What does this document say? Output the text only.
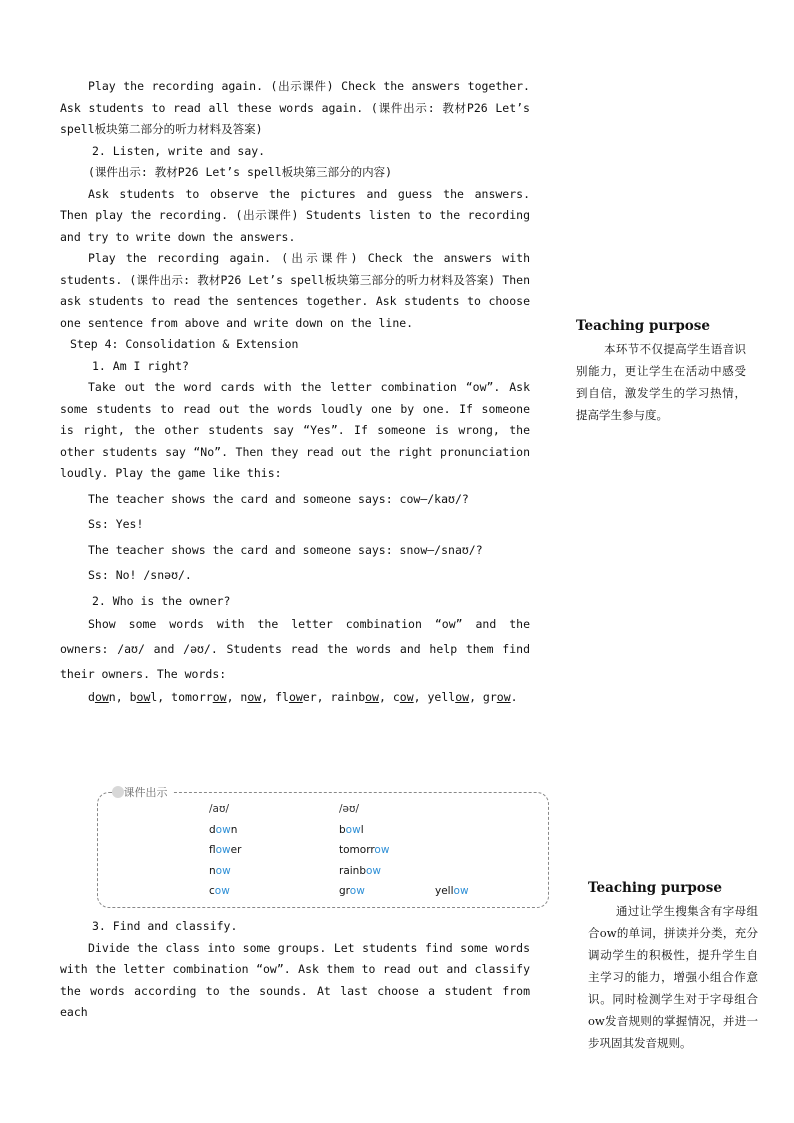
Play the recording again. (出示课件) Check the answers together. Ask students to read all these words again. (课件出示: 教材P26 Let’s spell板块第二部分的听力材料及答案)

2. Listen, write and say.

(课件出示: 教材P26 Let’s spell板块第三部分的内容)

Ask students to observe the pictures and guess the answers. Then play the recording. (出示课件) Students listen to the recording and try to write down the answers.

Play the recording again. (出示课件) Check the answers with students. (课件出示: 教材P26 Let’s spell板块第三部分的听力材料及答案) Then ask students to read the sentences together. Ask students to choose one sentence from above and write down on the line.

Step 4: Consolidation & Extension

1. Am I right?

Take out the word cards with the letter combination “ow”. Ask some students to read out the words loudly one by one. If someone is right, the other students say “Yes”. If someone is wrong, the other students say “No”. Then they read out the right pronunciation loudly. Play the game like this:

The teacher shows the card and someone says: cow—/kaʊ/?

Ss: Yes!

The teacher shows the card and someone says: snow—/snaʊ/?

Ss: No! /snəʊ/.

2. Who is the owner?

Show some words with the letter combination “ow” and the owners: /aʊ/ and /əʊ/. Students read the words and help them find their owners. The words:

down, bowl, tomorrow, now, flower, rainbow, cow, yellow, grow.

课件出示
/aʊ/
down
flower
now
cow
/əʊ/
bowl
tomorrow
rainbow
grow	yellow

3. Find and classify.

Divide the class into some groups. Let students find some words with the letter combination “ow”. Ask them to read out and classify the words according to the sounds. At last choose a student from each

Teaching purpose

本环节不仅提高学生语音识别能力，更让学生在活动中感受到自信，激发学生的学习热情，提高学生参与度。

Teaching purpose

通过让学生搜集含有字母组合ow的单词，拼读并分类，充分调动学生的积极性，提升学生自主学习的能力，增强小组合作意识。同时检测学生对于字母组合ow发音规则的掌握情况，并进一步巩固其发音规则。
